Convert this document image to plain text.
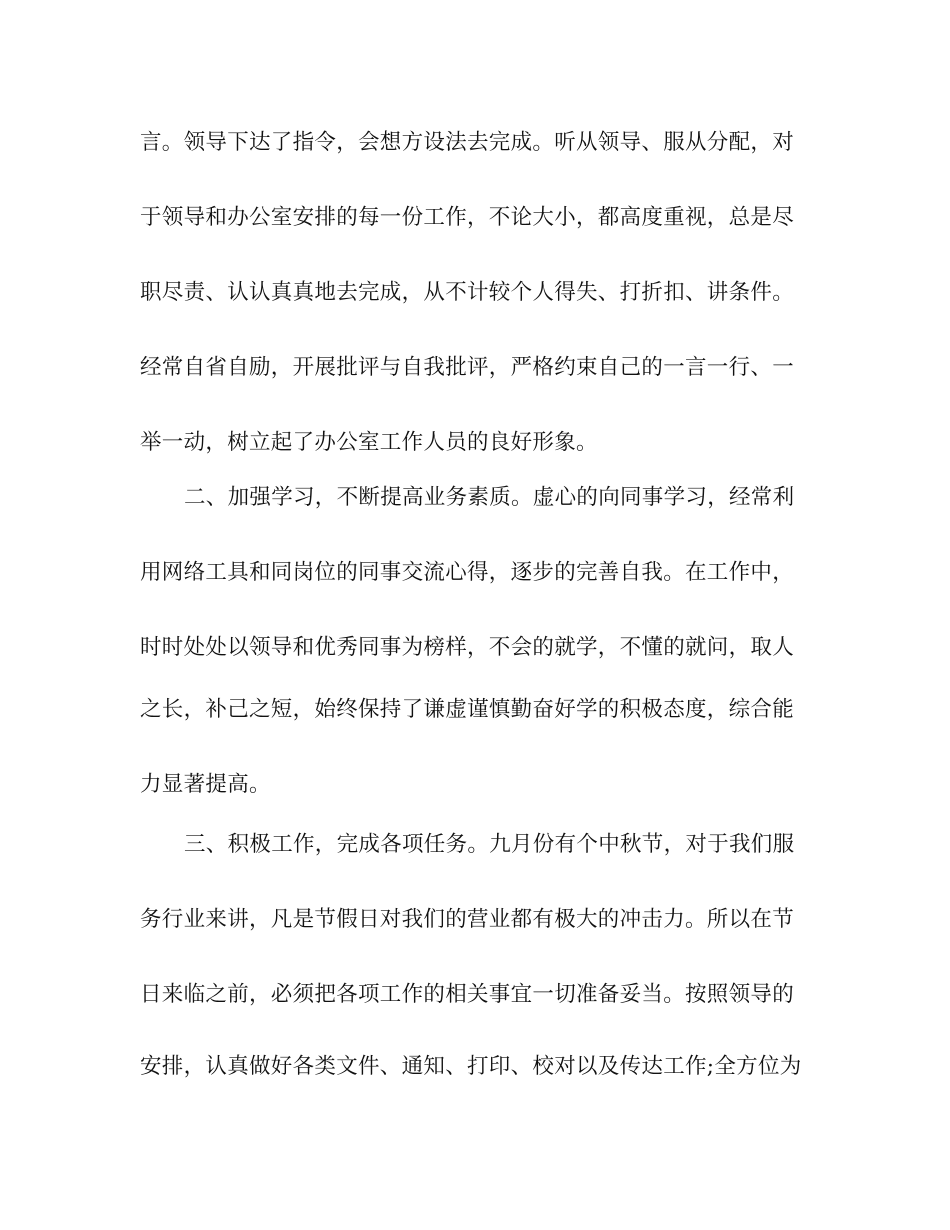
言。领导下达了指令，会想方设法去完成。听从领导、服从分配，对
于领导和办公室安排的每一份工作，不论大小，都高度重视，总是尽
职尽责、认认真真地去完成，从不计较个人得失、打折扣、讲条件。
经常自省自励，开展批评与自我批评，严格约束自己的一言一行、一
举一动，树立起了办公室工作人员的良好形象。
二、加强学习，不断提高业务素质。虚心的向同事学习，经常利
用网络工具和同岗位的同事交流心得，逐步的完善自我。在工作中，
时时处处以领导和优秀同事为榜样，不会的就学，不懂的就问，取人
之长，补己之短，始终保持了谦虚谨慎勤奋好学的积极态度，综合能
力显著提高。
三、积极工作，完成各项任务。九月份有个中秋节，对于我们服
务行业来讲，凡是节假日对我们的营业都有极大的冲击力。所以在节
日来临之前，必须把各项工作的相关事宜一切准备妥当。按照领导的
安排，认真做好各类文件、通知、打印、校对以及传达工作;全方位为
